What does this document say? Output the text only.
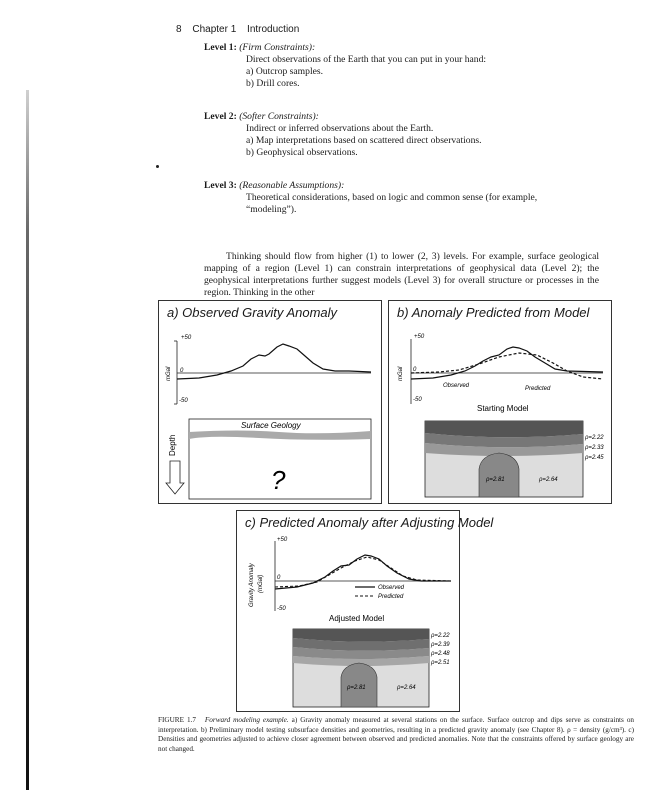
8 Chapter 1 Introduction
Level 1: (Firm Constraints):
Direct observations of the Earth that you can put in your hand:
a) Outcrop samples.
b) Drill cores.
Level 2: (Softer Constraints):
Indirect or inferred observations about the Earth.
a) Map interpretations based on scattered direct observations.
b) Geophysical observations.
Level 3: (Reasonable Assumptions):
Theoretical considerations, based on logic and common sense (for example,
“modeling”).
Thinking should flow from higher (1) to lower (2, 3) levels. For example, surface geological mapping of a region (Level 1) can constrain interpretations of geophysical data (Level 2); the geophysical interpretations further suggest models (Level 3) for overall structure or processes in the region. Thinking in the other
a) Observed Gravity Anomaly
+50
-50
0
mGal
Surface Geology
?
Depth
b) Anomaly Predicted from Model
+50
0
-50
mGal
Observed	Predicted
Starting Model
ρ=2.22
ρ=2.33
ρ=2.45
ρ=2.81	ρ=2.64
c) Predicted Anomaly after Adjusting Model
+50
0
-50
Gravity Anomaly (mGal)	Observed
Predicted
Adjusted Model
ρ=2.22
ρ=2.39
ρ=2.48
ρ=2.51
ρ=2.81	ρ=2.64
FIGURE 1.7 Forward modeling example. a) Gravity anomaly measured at several stations on the surface. Surface outcrop and dips serve as constraints on interpretation. b) Preliminary model testing subsurface densities and geometries, resulting in a predicted gravity anomaly (see Chapter 8). ρ = density (g/cm³). c) Densities and geometries adjusted to achieve closer agreement between observed and predicted anomalies. Note that the constraints offered by surface geology are not changed.
